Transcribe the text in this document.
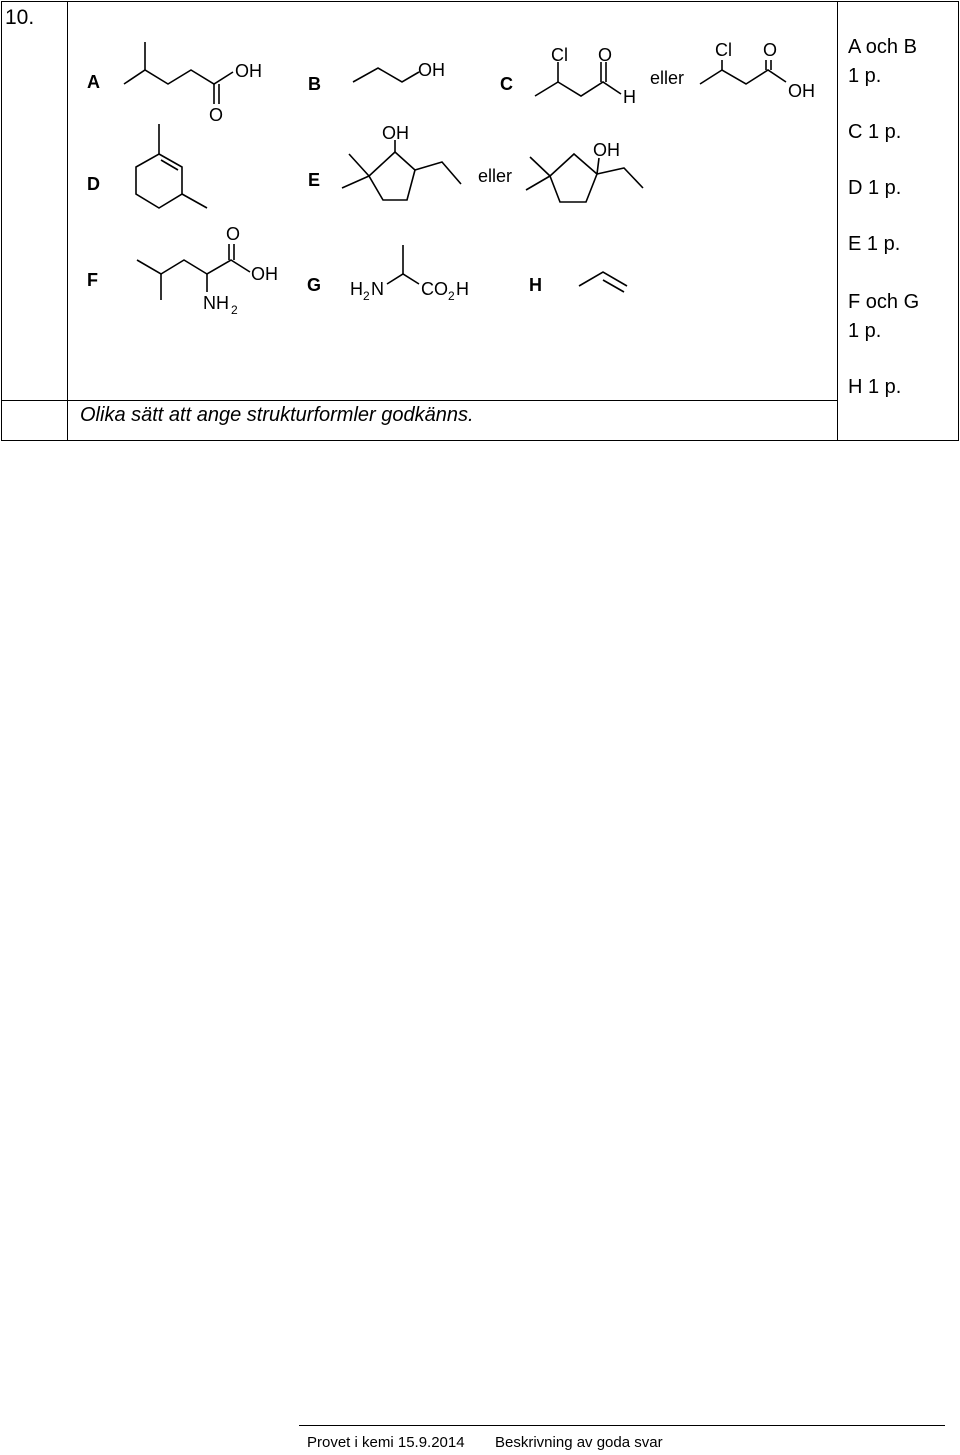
10.
A
OH
O
B
OH
C
Cl O
H
eller
Cl O
OH
D	E
OH
eller
OH
F
O
OH
NH 2
G H 2 N CO 2 H	H
Olika sätt att ange strukturformler godkänns.
A och B
1 p.
C 1 p.
D 1 p.
E 1 p.
F och G
1 p.
H 1 p.
Provet i kemi 15.9.2014 Beskrivning av goda svar
